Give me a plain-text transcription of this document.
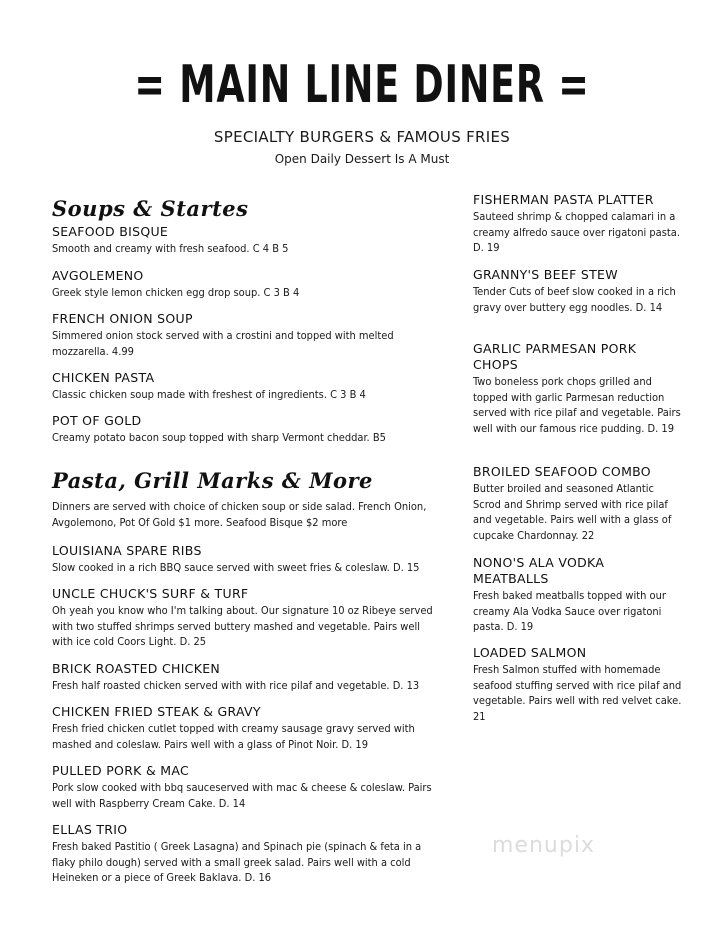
= MAIN LINE DINER =
SPECIALTY BURGERS & FAMOUS FRIES
Open Daily Dessert Is A Must
Soups & Startes
SEAFOOD BISQUE
Smooth and creamy with fresh seafood. C 4 B 5
AVGOLEMENO
Greek style lemon chicken egg drop soup. C 3 B 4
FRENCH ONION SOUP
Simmered onion stock served with a crostini and topped with melted mozzarella. 4.99
CHICKEN PASTA
Classic chicken soup made with freshest of ingredients. C 3 B 4
POT OF GOLD
Creamy potato bacon soup topped with sharp Vermont cheddar. B5
Pasta, Grill Marks & More
Dinners are served with choice of chicken soup or side salad. French Onion, Avgolemono, Pot Of Gold $1 more. Seafood Bisque $2 more
LOUISIANA SPARE RIBS
Slow cooked in a rich BBQ sauce served with sweet fries & coleslaw. D. 15
UNCLE CHUCK'S SURF & TURF
Oh yeah you know who I'm talking about. Our signature 10 oz Ribeye served with two stuffed shrimps served buttery mashed and vegetable. Pairs well with ice cold Coors Light. D. 25
BRICK ROASTED CHICKEN
Fresh half roasted chicken served with with rice pilaf and vegetable. D. 13
CHICKEN FRIED STEAK & GRAVY
Fresh fried chicken cutlet topped with creamy sausage gravy served with mashed and coleslaw. Pairs well with a glass of Pinot Noir. D. 19
PULLED PORK & MAC
Pork slow cooked with bbq sauceserved with mac & cheese & coleslaw. Pairs well with Raspberry Cream Cake. D. 14
ELLAS TRIO
Fresh baked Pastitio ( Greek Lasagna) and Spinach pie (spinach & feta in a flaky philo dough) served with a small greek salad. Pairs well with a cold Heineken or a piece of Greek Baklava. D. 16
FISHERMAN PASTA PLATTER
Sauteed shrimp & chopped calamari in a creamy alfredo sauce over rigatoni pasta. D. 19
GRANNY'S BEEF STEW
Tender Cuts of beef slow cooked in a rich gravy over buttery egg noodles. D. 14
GARLIC PARMESAN PORK CHOPS
Two boneless pork chops grilled and topped with garlic Parmesan reduction served with rice pilaf and vegetable. Pairs well with our famous rice pudding. D. 19
BROILED SEAFOOD COMBO
Butter broiled and seasoned Atlantic Scrod and Shrimp served with rice pilaf and vegetable. Pairs well with a glass of cupcake Chardonnay. 22
NONO'S ALA VODKA MEATBALLS
Fresh baked meatballs topped with our creamy Ala Vodka Sauce over rigatoni pasta. D. 19
LOADED SALMON
Fresh Salmon stuffed with homemade seafood stuffing served with rice pilaf and vegetable. Pairs well with red velvet cake. 21
menupix
